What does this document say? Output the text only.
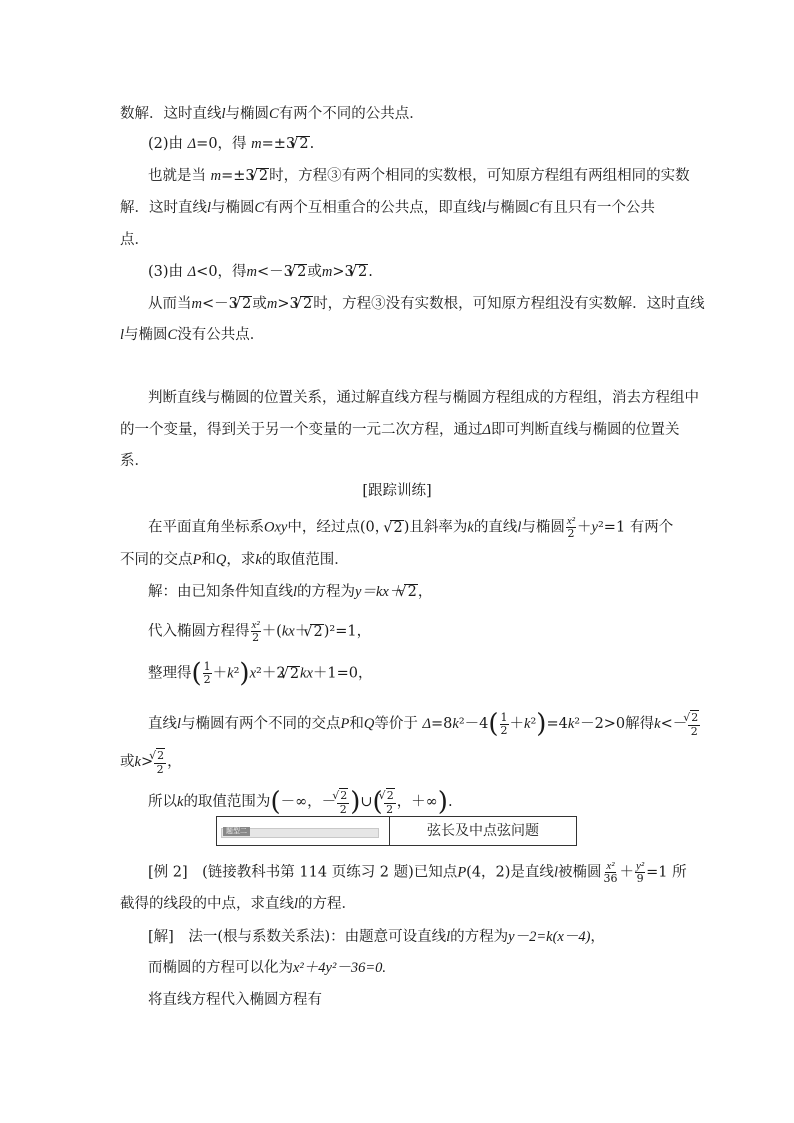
数解．这时直线l与椭圆C有两个不同的公共点．
(2)由 Δ=0，得 m=±3√ 2.
也就是当 m=±3√ 2时，方程③有两个相同的实数根，可知原方程组有两组相同的实数
解．这时直线l与椭圆C有两个互相重合的公共点，即直线l与椭圆C有且只有一个公共
点．
(3)由 Δ<0，得m<－3√ 2或m>3√ 2.
从而当m<－3√ 2或m>3√ 2时，方程③没有实数根，可知原方程组没有实数解．这时直线
l与椭圆C没有公共点．
判断直线与椭圆的位置关系，通过解直线方程与椭圆方程组成的方程组，消去方程组中
的一个变量，得到关于另一个变量的一元二次方程，通过Δ即可判断直线与椭圆的位置关
系．
[跟踪训练]
在平面直角坐标系Oxy中，经过点(0，√ 2)且斜率为k的直线l与椭圆 $\frac{\text{x²}}{2} +y^2=1$ 有两个
不同的交点P和Q，求k的取值范围．
解：由已知条件知直线l的方程为y＝kx＋√ 2，
代入椭圆方程得 $\frac{\text{x²}}{2} +(kx+√$ 2)²=1，
整理得( $\frac{1}{2} +k^2)x^2+2√$ 2kx＋1=0，
直线l与椭圆有两个不同的交点P和Q等价于 $\Delta=8k^2-4( \frac{1}{2} +k^2)=4k^2-2>0$解得k<－
√ $\frac{2}{2}$
或k>
√ $\frac{2}{2}$ ，
所以k的取值范围为(－∞，－
√ $\frac{2}{2}$ )∪(
√ $\frac{2}{2}$ ，＋∞).
题型二	弦长及中点弦问题
[例 2]　(链接教科书第 114 页练习 2 题)已知点P(4，2)是直线l被椭圆 $\frac{\text{x²}}{36} + \frac{\text{y²}}{9} =1$ 所
截得的线段的中点，求直线l的方程．
[解]　法一(根与系数关系法)：由题意可设直线l的方程为y－2=k(x－4)，
而椭圆的方程可以化为x²＋4y²－36=0.
将直线方程代入椭圆方程有
